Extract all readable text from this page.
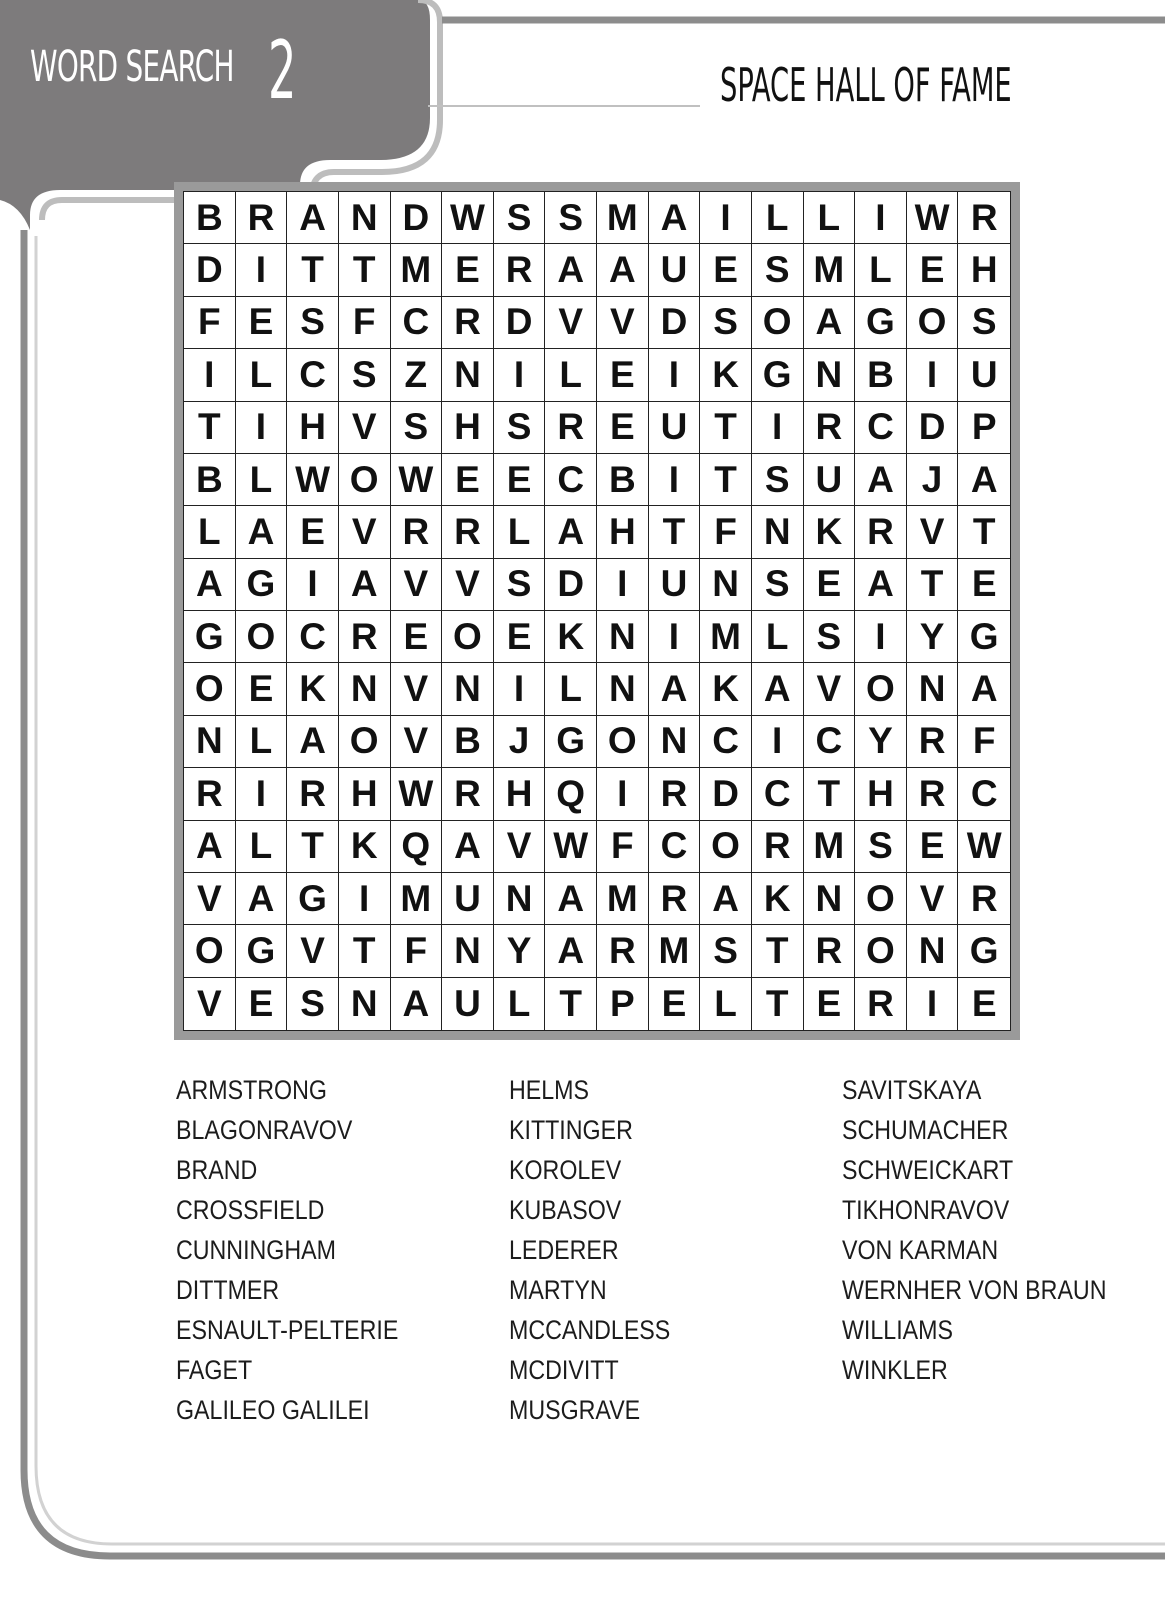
WORD SEARCH 2	SPACE HALL OF FAME
B R A N D W S S M A I L L I W R
D I T T M E R A A U E S M L E H
F E S F C R D V V D S O A G O S
I L C S Z N I L E I K G N B I U
T I H V S H S R E U T I R C D P
B L W O W E E C B I T S U A J A
L A E V R R L A H T F N K R V T
A G I A V V S D I U N S E A T E
G O C R E O E K N I M L S I Y G
O E K N V N I L N A K A V O N A
N L A O V B J G O N C I C Y R F
R I R H W R H Q I R D C T H R C
A L T K Q A V W F C O R M S E W
V A G I M U N A M R A K N O V R
O G V T F N Y A R M S T R O N G
V E S N A U L T P E L T E R I E
ARMSTRONG
BLAGONRAVOV
BRAND
CROSSFIELD
CUNNINGHAM
DITTMER
ESNAULT-PELTERIE
FAGET
GALILEO GALILEI
HELMS
KITTINGER
KOROLEV
KUBASOV
LEDERER
MARTYN
MCCANDLESS
MCDIVITT
MUSGRAVE
SAVITSKAYA
SCHUMACHER
SCHWEICKART
TIKHONRAVOV
VON KARMAN
WERNHER VON BRAUN
WILLIAMS
WINKLER
